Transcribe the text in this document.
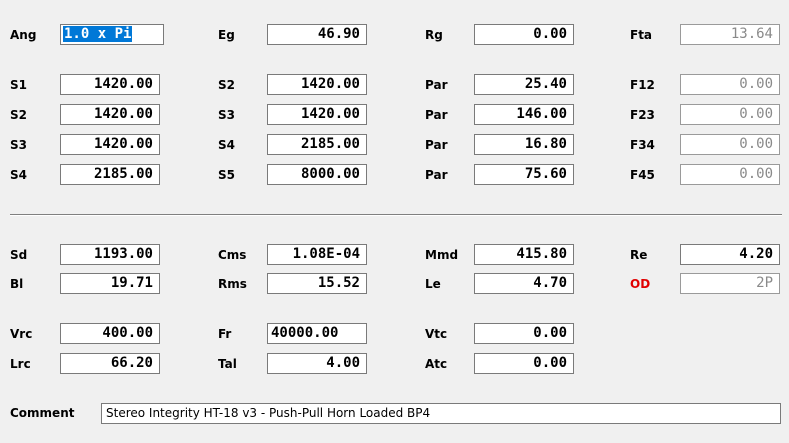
Ang 1.0 x Pi	Eg	46.90	Rg	0.00	Fta	13.64
S1	1420.00	S2	1420.00	Par	25.40	F12	0.00
S2	1420.00	S3	1420.00	Par	146.00	F23	0.00
S3	1420.00	S4	2185.00	Par	16.80	F34	0.00
S4	2185.00	S5	8000.00	Par	75.60	F45	0.00
Sd	1193.00	Cms	1.08E-04	Mmd	415.80	Re	4.20
Bl	19.71	Rms	15.52	Le	4.70	OD	2P
Vrc	400.00	Fr	40000.00	Vtc	0.00
Lrc	66.20	Tal	4.00	Atc	0.00
Comment	Stereo Integrity HT-18 v3 - Push-Pull Horn Loaded BP4
